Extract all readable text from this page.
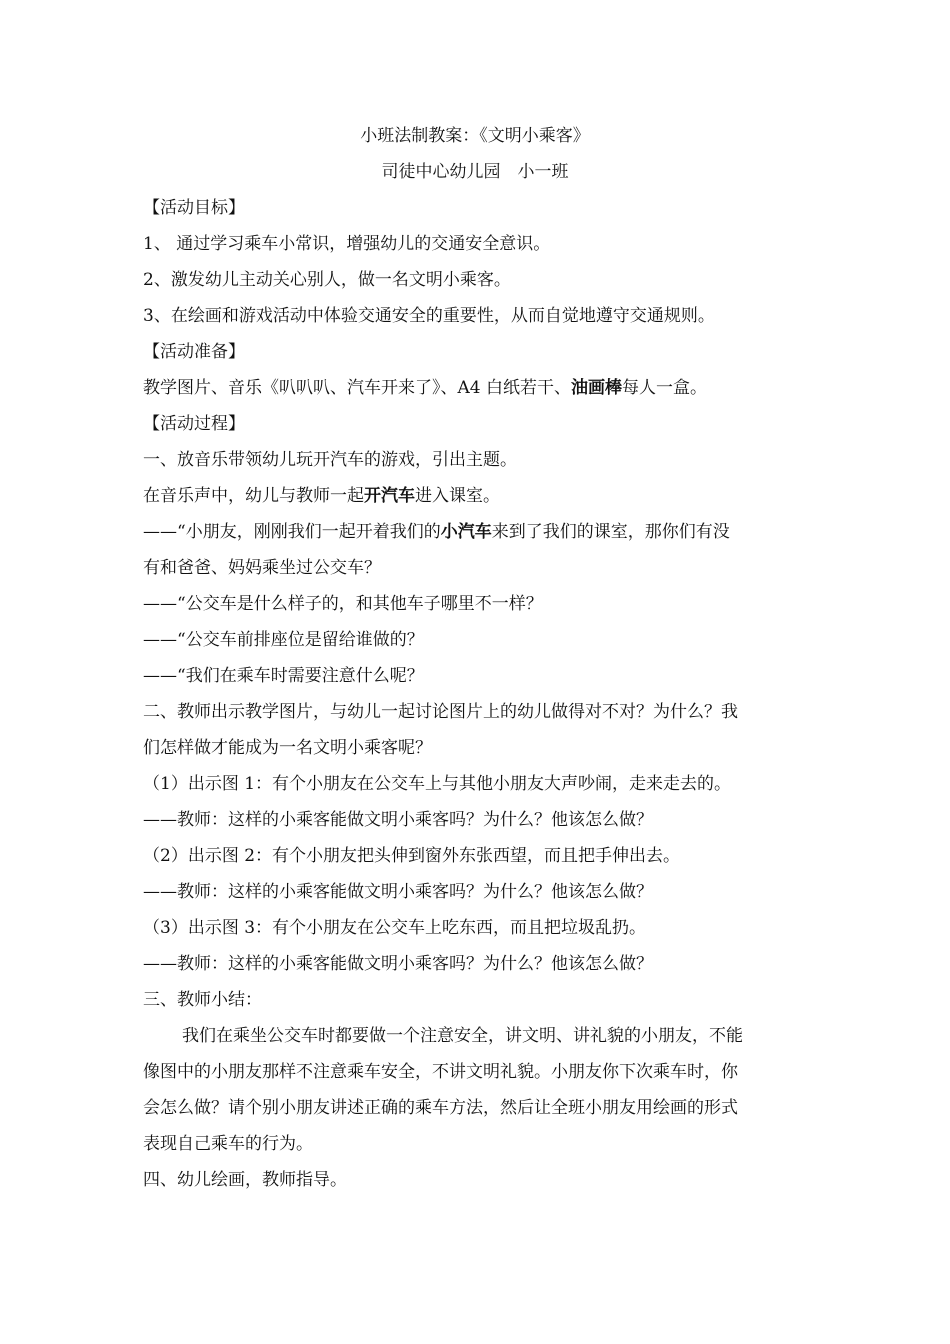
小班法制教案：《文明小乘客》
司徒中心幼儿园　小一班
【活动目标】
1、 通过学习乘车小常识，增强幼儿的交通安全意识。
2、激发幼儿主动关心别人，做一名文明小乘客。
3、在绘画和游戏活动中体验交通安全的重要性，从而自觉地遵守交通规则。
【活动准备】
教学图片、音乐《叭叭叭、汽车开来了》、A4 白纸若干、油画棒每人一盒。
【活动过程】
一、放音乐带领幼儿玩开汽车的游戏，引出主题。
在音乐声中，幼儿与教师一起开汽车进入课室。
——“小朋友，刚刚我们一起开着我们的小汽车来到了我们的课室，那你们有没
有和爸爸、妈妈乘坐过公交车？
——“公交车是什么样子的，和其他车子哪里不一样？
——“公交车前排座位是留给谁做的？
——“我们在乘车时需要注意什么呢？
二、教师出示教学图片，与幼儿一起讨论图片上的幼儿做得对不对？为什么？我
们怎样做才能成为一名文明小乘客呢？
（1）出示图 1：有个小朋友在公交车上与其他小朋友大声吵闹，走来走去的。
——教师：这样的小乘客能做文明小乘客吗？为什么？他该怎么做？
（2）出示图 2：有个小朋友把头伸到窗外东张西望，而且把手伸出去。
——教师：这样的小乘客能做文明小乘客吗？为什么？他该怎么做？
（3）出示图 3：有个小朋友在公交车上吃东西，而且把垃圾乱扔。
——教师：这样的小乘客能做文明小乘客吗？为什么？他该怎么做？
三、教师小结：
我们在乘坐公交车时都要做一个注意安全，讲文明、讲礼貌的小朋友，不能
像图中的小朋友那样不注意乘车安全，不讲文明礼貌。小朋友你下次乘车时，你
会怎么做？请个别小朋友讲述正确的乘车方法，然后让全班小朋友用绘画的形式
表现自己乘车的行为。
四、幼儿绘画，教师指导。
